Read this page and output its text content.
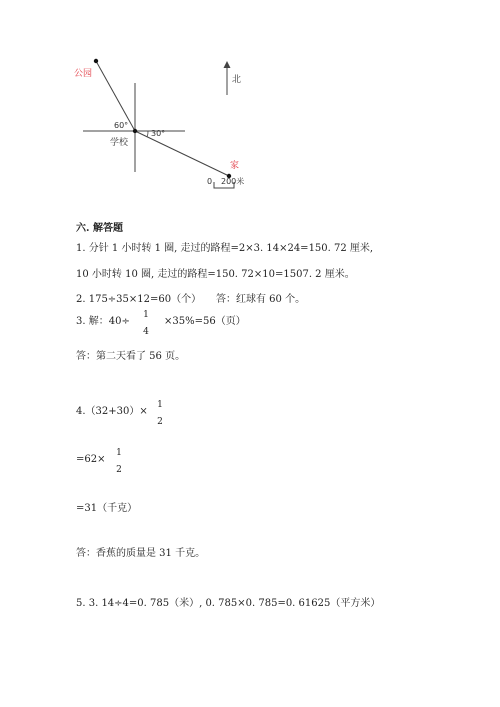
公园
学校
家
北
60°
30°
0 200米
六. 解答题
1. 分针 1 小时转 1 圈, 走过的路程=2×3. 14×24=150. 72 厘米,
10 小时转 10 圈, 走过的路程=150. 72×10=1507. 2 厘米。
2. 175÷35×12=60（个） 答：红球有 60 个。
3. 解：40÷
1
4
×35%=56（页）
答：第二天看了 56 页。
4.（32+30）×
1
2
=62×
1
2
=31（千克）
答：香蕉的质量是 31 千克。
5. 3. 14÷4=0. 785（米）, 0. 785×0. 785=0. 61625（平方米）
